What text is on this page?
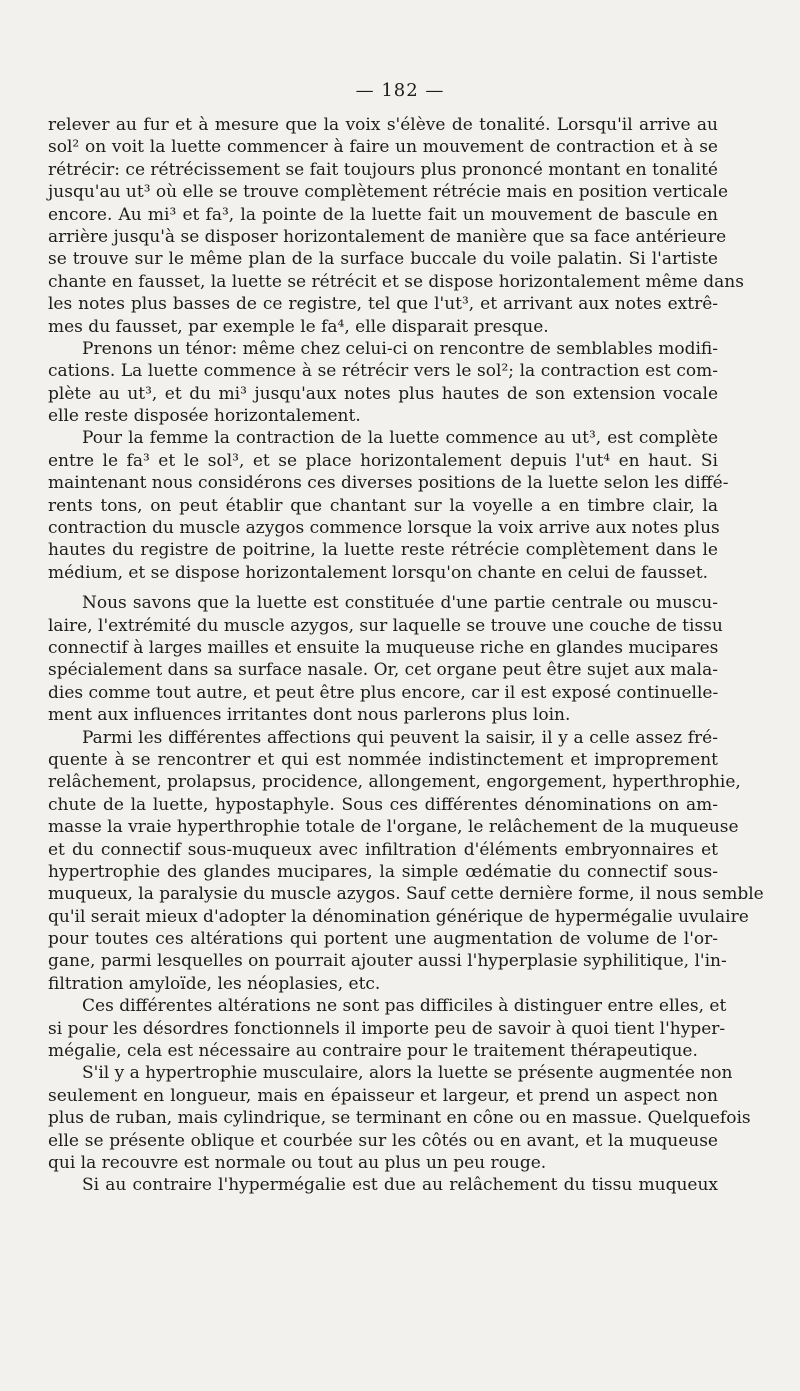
— 182 —
relever au fur et à mesure que la voix s'élève de tonalité. Lorsqu'il arrive au
sol² on voit la luette commencer à faire un mouvement de contraction et à se
rétrécir: ce rétrécissement se fait toujours plus prononcé montant en tonalité
jusqu'au ut³ où elle se trouve complètement rétrécie mais en position verticale
encore. Au mi³ et fa³, la pointe de la luette fait un mouvement de bascule en
arrière jusqu'à se disposer horizontalement de manière que sa face antérieure
se trouve sur le même plan de la surface buccale du voile palatin. Si l'artiste
chante en fausset, la luette se rétrécit et se dispose horizontalement même dans
les notes plus basses de ce registre, tel que l'ut³, et arrivant aux notes extrê-
mes du fausset, par exemple le fa⁴, elle disparait presque.
Prenons un ténor: même chez celui-ci on rencontre de semblables modifi-
cations. La luette commence à se rétrécir vers le sol²; la contraction est com-
plète au ut³, et du mi³ jusqu'aux notes plus hautes de son extension vocale
elle reste disposée horizontalement.
Pour la femme la contraction de la luette commence au ut³, est complète
entre le fa³ et le sol³, et se place horizontalement depuis l'ut⁴ en haut. Si
maintenant nous considérons ces diverses positions de la luette selon les diffé-
rents tons, on peut établir que chantant sur la voyelle a en timbre clair, la
contraction du muscle azygos commence lorsque la voix arrive aux notes plus
hautes du registre de poitrine, la luette reste rétrécie complètement dans le
médium, et se dispose horizontalement lorsqu'on chante en celui de fausset.
Nous savons que la luette est constituée d'une partie centrale ou muscu-
laire, l'extrémité du muscle azygos, sur laquelle se trouve une couche de tissu
connectif à larges mailles et ensuite la muqueuse riche en glandes mucipares
spécialement dans sa surface nasale. Or, cet organe peut être sujet aux mala-
dies comme tout autre, et peut être plus encore, car il est exposé continuelle-
ment aux influences irritantes dont nous parlerons plus loin.
Parmi les différentes affections qui peuvent la saisir, il y a celle assez fré-
quente à se rencontrer et qui est nommée indistinctement et improprement
relâchement, prolapsus, procidence, allongement, engorgement, hyperthrophie,
chute de la luette, hypostaphyle. Sous ces différentes dénominations on am-
masse la vraie hyperthrophie totale de l'organe, le relâchement de la muqueuse
et du connectif sous-muqueux avec infiltration d'éléments embryonnaires et
hypertrophie des glandes mucipares, la simple œdématie du connectif sous-
muqueux, la paralysie du muscle azygos. Sauf cette dernière forme, il nous semble
qu'il serait mieux d'adopter la dénomination générique de hypermégalie uvulaire
pour toutes ces altérations qui portent une augmentation de volume de l'or-
gane, parmi lesquelles on pourrait ajouter aussi l'hyperplasie syphilitique, l'in-
filtration amyloïde, les néoplasies, etc.
Ces différentes altérations ne sont pas difficiles à distinguer entre elles, et
si pour les désordres fonctionnels il importe peu de savoir à quoi tient l'hyper-
mégalie, cela est nécessaire au contraire pour le traitement thérapeutique.
S'il y a hypertrophie musculaire, alors la luette se présente augmentée non
seulement en longueur, mais en épaisseur et largeur, et prend un aspect non
plus de ruban, mais cylindrique, se terminant en cône ou en massue. Quelquefois
elle se présente oblique et courbée sur les côtés ou en avant, et la muqueuse
qui la recouvre est normale ou tout au plus un peu rouge.
Si au contraire l'hypermégalie est due au relâchement du tissu muqueux
